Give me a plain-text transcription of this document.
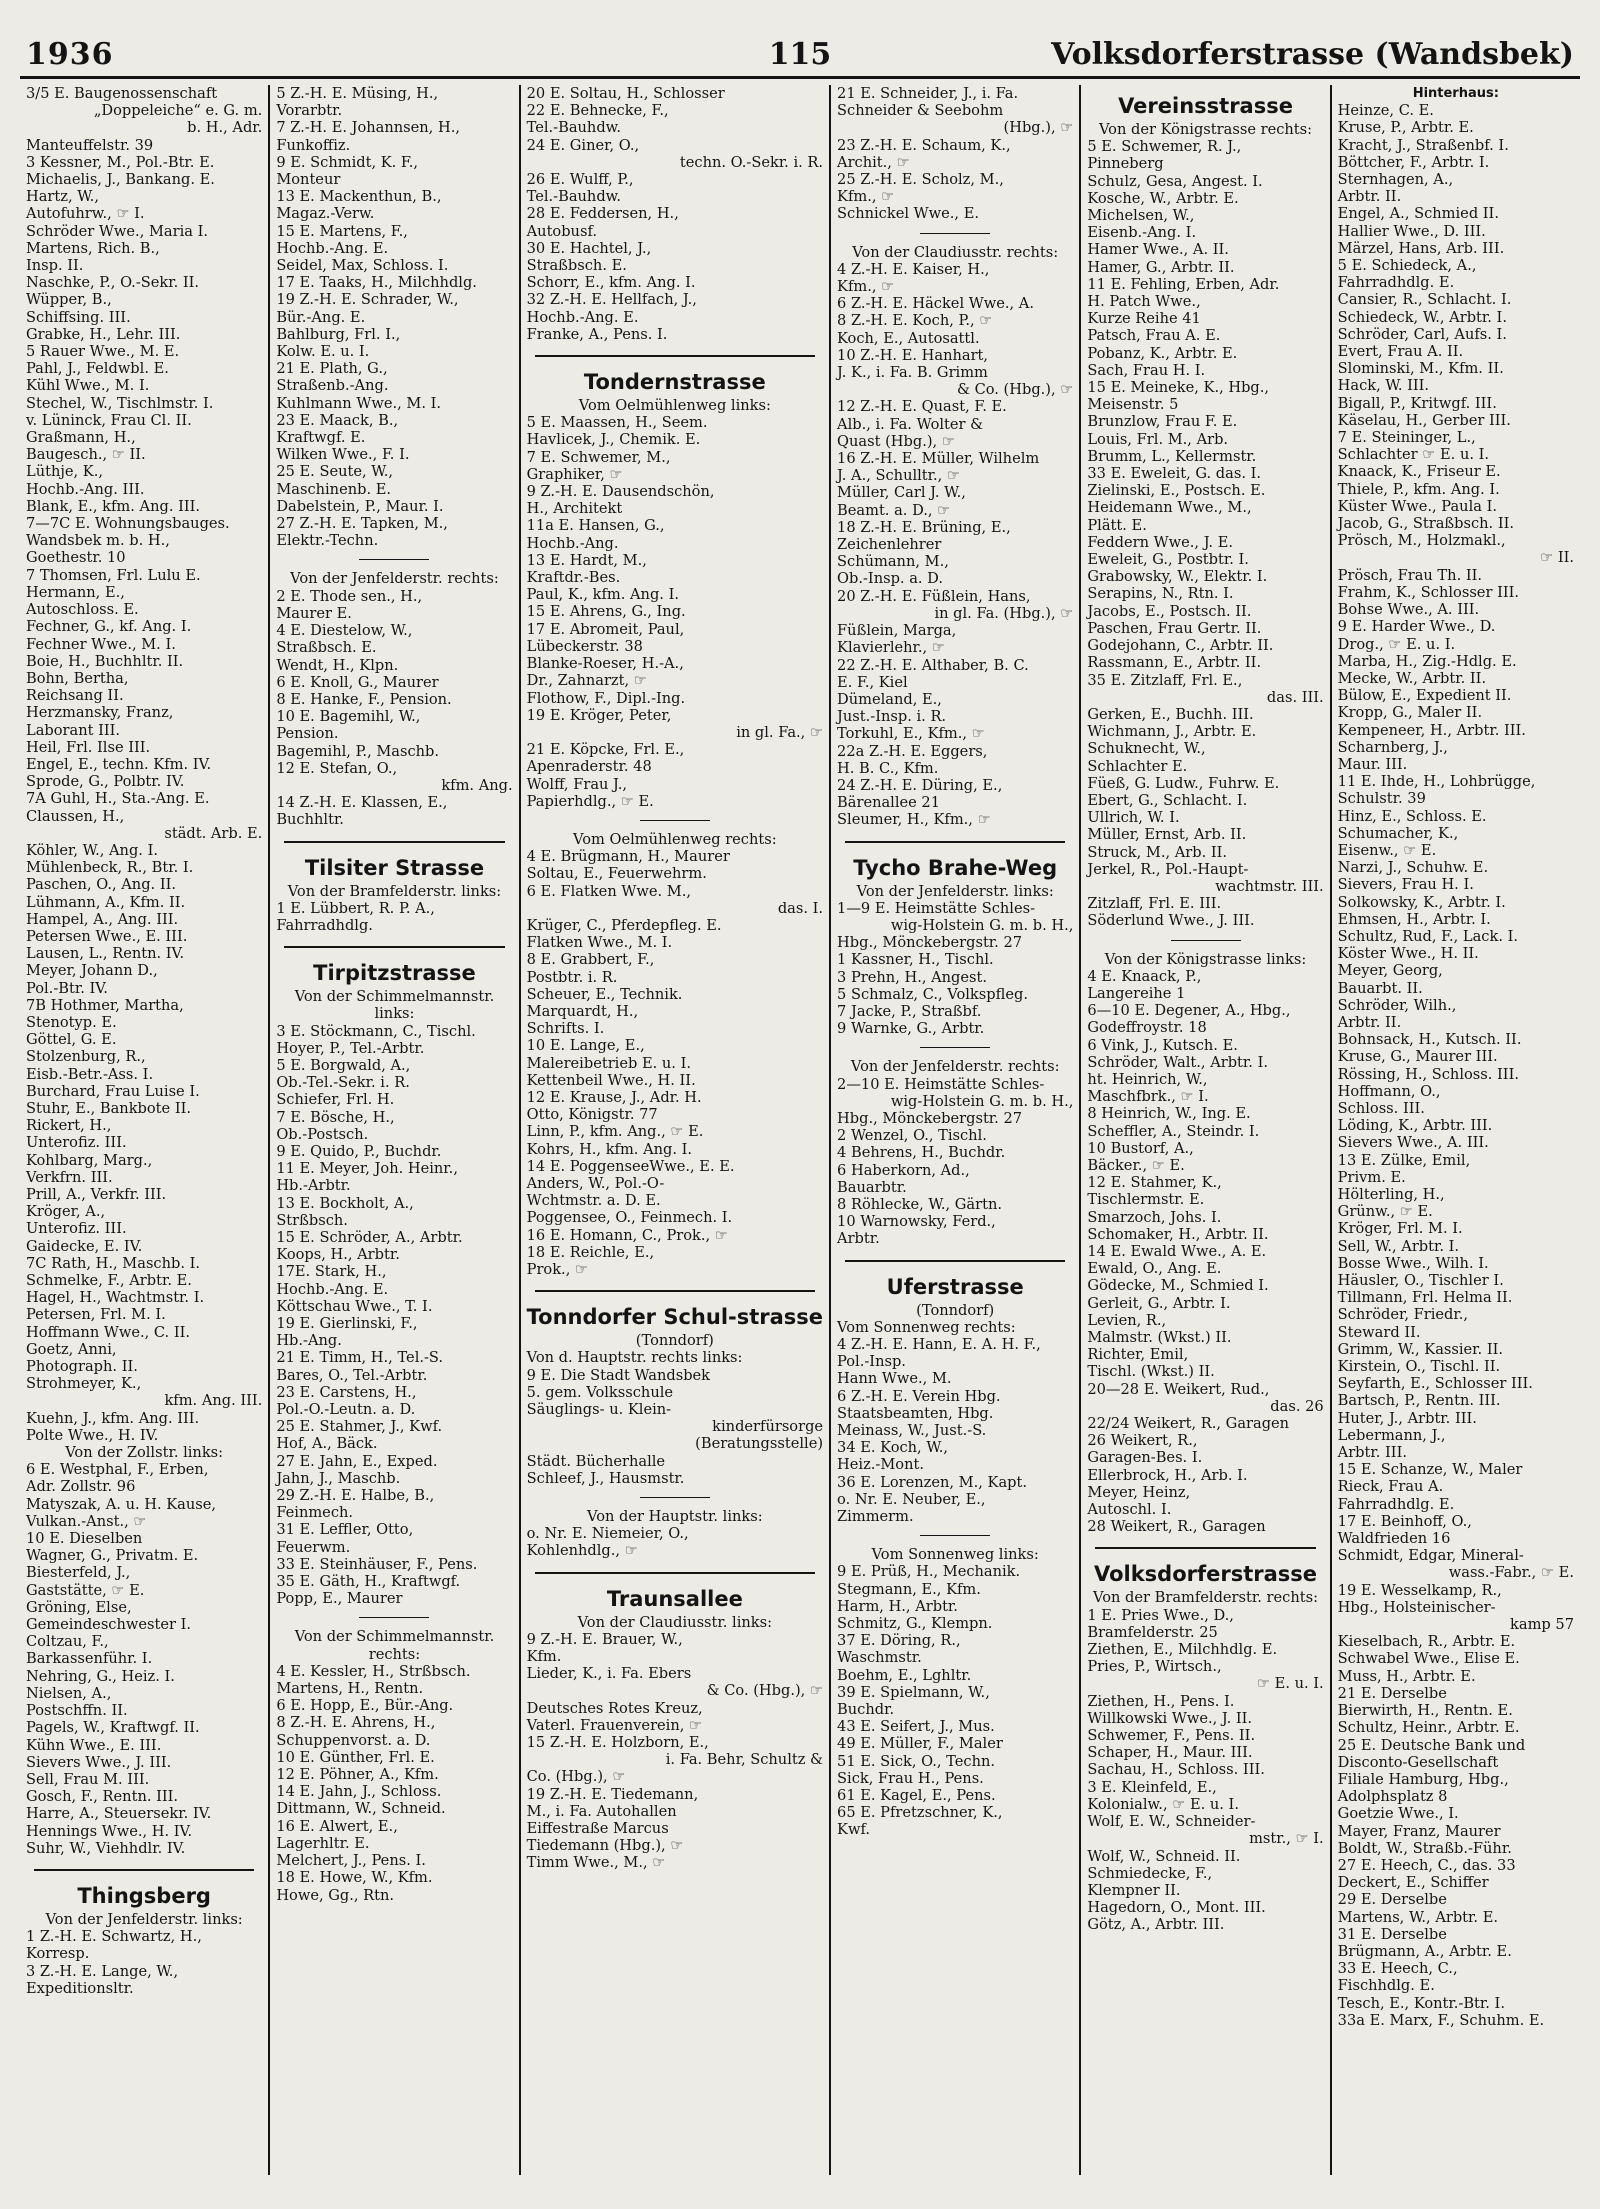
1936	115	Volksdorferstrasse (Wandsbek)
3/5 E. Baugenossenschaft
„Doppeleiche“ e. G. m.
b. H., Adr.
Manteuffelstr. 39
3 Kessner, M., Pol.-Btr. E.
Michaelis, J., Bankang. E.
Hartz, W.,
Autofuhrw., ☞ I.
Schröder Wwe., Maria I.
Martens, Rich. B.,
Insp. II.
Naschke, P., O.-Sekr. II.
Wüpper, B.,
Schiffsing. III.
Grabke, H., Lehr. III.
5 Rauer Wwe., M. E.
Pahl, J., Feldwbl. E.
Kühl Wwe., M. I.
Stechel, W., Tischlmstr. I.
v. Lüninck, Frau Cl. II.
Graßmann, H.,
Baugesch., ☞ II.
Lüthje, K.,
Hochb.-Ang. III.
Blank, E., kfm. Ang. III.
7—7C E. Wohnungsbauges.
Wandsbek m. b. H.,
Goethestr. 10
7 Thomsen, Frl. Lulu E.
Hermann, E.,
Autoschloss. E.
Fechner, G., kf. Ang. I.
Fechner Wwe., M. I.
Boie, H., Buchhltr. II.
Bohn, Bertha,
Reichsang II.
Herzmansky, Franz,
Laborant III.
Heil, Frl. Ilse III.
Engel, E., techn. Kfm. IV.
Sprode, G., Polbtr. IV.
7A Guhl, H., Sta.-Ang. E.
Claussen, H.,
städt. Arb. E.
Köhler, W., Ang. I.
Mühlenbeck, R., Btr. I.
Paschen, O., Ang. II.
Lühmann, A., Kfm. II.
Hampel, A., Ang. III.
Petersen Wwe., E. III.
Lausen, L., Rentn. IV.
Meyer, Johann D.,
Pol.-Btr. IV.
7B Hothmer, Martha,
Stenotyp. E.
Göttel, G. E.
Stolzenburg, R.,
Eisb.-Betr.-Ass. I.
Burchard, Frau Luise I.
Stuhr, E., Bankbote II.
Rickert, H.,
Unterofiz. III.
Kohlbarg, Marg.,
Verkfrn. III.
Prill, A., Verkfr. III.
Kröger, A.,
Unterofiz. III.
Gaidecke, E. IV.
7C Rath, H., Maschb. I.
Schmelke, F., Arbtr. E.
Hagel, H., Wachtmstr. I.
Petersen, Frl. M. I.
Hoffmann Wwe., C. II.
Goetz, Anni,
Photograph. II.
Strohmeyer, K.,
kfm. Ang. III.
Kuehn, J., kfm. Ang. III.
Polte Wwe., H. IV.
Von der Zollstr. links:
6 E. Westphal, F., Erben,
Adr. Zollstr. 96
Matyszak, A. u. H. Kause,
Vulkan.-Anst., ☞
10 E. Dieselben
Wagner, G., Privatm. E.
Biesterfeld, J.,
Gaststätte, ☞ E.
Gröning, Else,
Gemeindeschwester I.
Coltzau, F.,
Barkassenführ. I.
Nehring, G., Heiz. I.
Nielsen, A.,
Postschffn. II.
Pagels, W., Kraftwgf. II.
Kühn Wwe., E. III.
Sievers Wwe., J. III.
Sell, Frau M. III.
Gosch, F., Rentn. III.
Harre, A., Steuersekr. IV.
Hennings Wwe., H. IV.
Suhr, W., Viehhdlr. IV.
Thingsberg
Von der Jenfelderstr. links:
1 Z.-H. E. Schwartz, H.,
Korresp.
3 Z.-H. E. Lange, W.,
Expeditionsltr.
5 Z.-H. E. Müsing, H.,
Vorarbtr.
7 Z.-H. E. Johannsen, H.,
Funkoffiz.
9 E. Schmidt, K. F.,
Monteur
13 E. Mackenthun, B.,
Magaz.-Verw.
15 E. Martens, F.,
Hochb.-Ang. E.
Seidel, Max, Schloss. I.
17 E. Taaks, H., Milchhdlg.
19 Z.-H. E. Schrader, W.,
Bür.-Ang. E.
Bahlburg, Frl. I.,
Kolw. E. u. I.
21 E. Plath, G.,
Straßenb.-Ang.
Kuhlmann Wwe., M. I.
23 E. Maack, B.,
Kraftwgf. E.
Wilken Wwe., F. I.
25 E. Seute, W.,
Maschinenb. E.
Dabelstein, P., Maur. I.
27 Z.-H. E. Tapken, M.,
Elektr.-Techn.
Von der Jenfelderstr. rechts:
2 E. Thode sen., H.,
Maurer E.
4 E. Diestelow, W.,
Straßbsch. E.
Wendt, H., Klpn.
6 E. Knoll, G., Maurer
8 E. Hanke, F., Pension.
10 E. Bagemihl, W.,
Pension.
Bagemihl, P., Maschb.
12 E. Stefan, O.,
kfm. Ang.
14 Z.-H. E. Klassen, E.,
Buchhltr.
Tilsiter Strasse
Von der Bramfelderstr. links:
1 E. Lübbert, R. P. A.,
Fahrradhdlg.
Tirpitzstrasse
Von der Schimmelmannstr. links:
3 E. Stöckmann, C., Tischl.
Hoyer, P., Tel.-Arbtr.
5 E. Borgwald, A.,
Ob.-Tel.-Sekr. i. R.
Schiefer, Frl. H.
7 E. Bösche, H.,
Ob.-Postsch.
9 E. Quido, P., Buchdr.
11 E. Meyer, Joh. Heinr.,
Hb.-Arbtr.
13 E. Bockholt, A.,
Strßbsch.
15 E. Schröder, A., Arbtr.
Koops, H., Arbtr.
17E. Stark, H.,
Hochb.-Ang. E.
Köttschau Wwe., T. I.
19 E. Gierlinski, F.,
Hb.-Ang.
21 E. Timm, H., Tel.-S.
Bares, O., Tel.-Arbtr.
23 E. Carstens, H.,
Pol.-O.-Leutn. a. D.
25 E. Stahmer, J., Kwf.
Hof, A., Bäck.
27 E. Jahn, E., Exped.
Jahn, J., Maschb.
29 Z.-H. E. Halbe, B.,
Feinmech.
31 E. Leffler, Otto,
Feuerwm.
33 E. Steinhäuser, F., Pens.
35 E. Gäth, H., Kraftwgf.
Popp, E., Maurer
Von der Schimmelmannstr. rechts:
4 E. Kessler, H., Strßbsch.
Martens, H., Rentn.
6 E. Hopp, E., Bür.-Ang.
8 Z.-H. E. Ahrens, H.,
Schuppenvorst. a. D.
10 E. Günther, Frl. E.
12 E. Pöhner, A., Kfm.
14 E. Jahn, J., Schloss.
Dittmann, W., Schneid.
16 E. Alwert, E.,
Lagerhltr. E.
Melchert, J., Pens. I.
18 E. Howe, W., Kfm.
Howe, Gg., Rtn.
20 E. Soltau, H., Schlosser
22 E. Behnecke, F.,
Tel.-Bauhdw.
24 E. Giner, O.,
techn. O.-Sekr. i. R.
26 E. Wulff, P.,
Tel.-Bauhdw.
28 E. Feddersen, H.,
Autobusf.
30 E. Hachtel, J.,
Straßbsch. E.
Schorr, E., kfm. Ang. I.
32 Z.-H. E. Hellfach, J.,
Hochb.-Ang. E.
Franke, A., Pens. I.
Tondernstrasse
Vom Oelmühlenweg links:
5 E. Maassen, H., Seem.
Havlicek, J., Chemik. E.
7 E. Schwemer, M.,
Graphiker, ☞
9 Z.-H. E. Dausendschön,
H., Architekt
11a E. Hansen, G.,
Hochb.-Ang.
13 E. Hardt, M.,
Kraftdr.-Bes.
Paul, K., kfm. Ang. I.
15 E. Ahrens, G., Ing.
17 E. Abromeit, Paul,
Lübeckerstr. 38
Blanke-Roeser, H.-A.,
Dr., Zahnarzt, ☞
Flothow, F., Dipl.-Ing.
19 E. Kröger, Peter,
in gl. Fa., ☞
21 E. Köpcke, Frl. E.,
Apenraderstr. 48
Wolff, Frau J.,
Papierhdlg., ☞ E.
Vom Oelmühlenweg rechts:
4 E. Brügmann, H., Maurer
Soltau, E., Feuerwehrm.
6 E. Flatken Wwe. M.,
das. I.
Krüger, C., Pferdepfleg. E.
Flatken Wwe., M. I.
8 E. Grabbert, F.,
Postbtr. i. R.
Scheuer, E., Technik.
Marquardt, H.,
Schrifts. I.
10 E. Lange, E.,
Malereibetrieb E. u. I.
Kettenbeil Wwe., H. II.
12 E. Krause, J., Adr. H.
Otto, Königstr. 77
Linn, P., kfm. Ang., ☞ E.
Kohrs, H., kfm. Ang. I.
14 E. PoggenseeWwe., E. E.
Anders, W., Pol.-O-
Wchtmstr. a. D. E.
Poggensee, O., Feinmech. I.
16 E. Homann, C., Prok., ☞
18 E. Reichle, E.,
Prok., ☞
Tonndorfer Schul-strasse
(Tonndorf)
Von d. Hauptstr. rechts links:
9 E. Die Stadt Wandsbek
5. gem. Volksschule
Säuglings- u. Klein-
kinderfürsorge
(Beratungsstelle)
Städt. Bücherhalle
Schleef, J., Hausmstr.
Von der Hauptstr. links:
o. Nr. E. Niemeier, O.,
Kohlenhdlg., ☞
Traunsallee
Von der Claudiusstr. links:
9 Z.-H. E. Brauer, W.,
Kfm.
Lieder, K., i. Fa. Ebers
& Co. (Hbg.), ☞
Deutsches Rotes Kreuz,
Vaterl. Frauenverein, ☞
15 Z.-H. E. Holzborn, E.,
i. Fa. Behr, Schultz &
Co. (Hbg.), ☞
19 Z.-H. E. Tiedemann,
M., i. Fa. Autohallen
Eiffestraße Marcus
Tiedemann (Hbg.), ☞
Timm Wwe., M., ☞
21 E. Schneider, J., i. Fa.
Schneider & Seebohm
(Hbg.), ☞
23 Z.-H. E. Schaum, K.,
Archit., ☞
25 Z.-H. E. Scholz, M.,
Kfm., ☞
Schnickel Wwe., E.
Von der Claudiusstr. rechts:
4 Z.-H. E. Kaiser, H.,
Kfm., ☞
6 Z.-H. E. Häckel Wwe., A.
8 Z.-H. E. Koch, P., ☞
Koch, E., Autosattl.
10 Z.-H. E. Hanhart,
J. K., i. Fa. B. Grimm
& Co. (Hbg.), ☞
12 Z.-H. E. Quast, F. E.
Alb., i. Fa. Wolter &
Quast (Hbg.), ☞
16 Z.-H. E. Müller, Wilhelm
J. A., Schulltr., ☞
Müller, Carl J. W.,
Beamt. a. D., ☞
18 Z.-H. E. Brüning, E.,
Zeichenlehrer
Schümann, M.,
Ob.-Insp. a. D.
20 Z.-H. E. Füßlein, Hans,
in gl. Fa. (Hbg.), ☞
Füßlein, Marga,
Klavierlehr., ☞
22 Z.-H. E. Althaber, B. C.
E. F., Kiel
Dümeland, E.,
Just.-Insp. i. R.
Torkuhl, E., Kfm., ☞
22a Z.-H. E. Eggers,
H. B. C., Kfm.
24 Z.-H. E. Düring, E.,
Bärenallee 21
Sleumer, H., Kfm., ☞
Tycho Brahe-Weg
Von der Jenfelderstr. links:
1—9 E. Heimstätte Schles-
wig-Holstein G. m. b. H.,
Hbg., Mönckebergstr. 27
1 Kassner, H., Tischl.
3 Prehn, H., Angest.
5 Schmalz, C., Volkspfleg.
7 Jacke, P., Straßbf.
9 Warnke, G., Arbtr.
Von der Jenfelderstr. rechts:
2—10 E. Heimstätte Schles-
wig-Holstein G. m. b. H.,
Hbg., Mönckebergstr. 27
2 Wenzel, O., Tischl.
4 Behrens, H., Buchdr.
6 Haberkorn, Ad.,
Bauarbtr.
8 Röhlecke, W., Gärtn.
10 Warnowsky, Ferd.,
Arbtr.
Uferstrasse
(Tonndorf)
Vom Sonnenweg rechts:
4 Z.-H. E. Hann, E. A. H. F.,
Pol.-Insp.
Hann Wwe., M.
6 Z.-H. E. Verein Hbg.
Staatsbeamten, Hbg.
Meinass, W., Just.-S.
34 E. Koch, W.,
Heiz.-Mont.
36 E. Lorenzen, M., Kapt.
o. Nr. E. Neuber, E.,
Zimmerm.
Vom Sonnenweg links:
9 E. Prüß, H., Mechanik.
Stegmann, E., Kfm.
Harm, H., Arbtr.
Schmitz, G., Klempn.
37 E. Döring, R.,
Waschmstr.
Boehm, E., Lghltr.
39 E. Spielmann, W.,
Buchdr.
43 E. Seifert, J., Mus.
49 E. Müller, F., Maler
51 E. Sick, O., Techn.
Sick, Frau H., Pens.
61 E. Kagel, E., Pens.
65 E. Pfretzschner, K.,
Kwf.
Vereinsstrasse
Von der Königstrasse rechts:
5 E. Schwemer, R. J.,
Pinneberg
Schulz, Gesa, Angest. I.
Kosche, W., Arbtr. E.
Michelsen, W.,
Eisenb.-Ang. I.
Hamer Wwe., A. II.
Hamer, G., Arbtr. II.
11 E. Fehling, Erben, Adr.
H. Patch Wwe.,
Kurze Reihe 41
Patsch, Frau A. E.
Pobanz, K., Arbtr. E.
Sach, Frau H. I.
15 E. Meineke, K., Hbg.,
Meisenstr. 5
Brunzlow, Frau F. E.
Louis, Frl. M., Arb.
Brumm, L., Kellermstr.
33 E. Eweleit, G. das. I.
Zielinski, E., Postsch. E.
Heidemann Wwe., M.,
Plätt. E.
Feddern Wwe., J. E.
Eweleit, G., Postbtr. I.
Grabowsky, W., Elektr. I.
Serapins, N., Rtn. I.
Jacobs, E., Postsch. II.
Paschen, Frau Gertr. II.
Godejohann, C., Arbtr. II.
Rassmann, E., Arbtr. II.
35 E. Zitzlaff, Frl. E.,
das. III.
Gerken, E., Buchh. III.
Wichmann, J., Arbtr. E.
Schuknecht, W.,
Schlachter E.
Füeß, G. Ludw., Fuhrw. E.
Ebert, G., Schlacht. I.
Ullrich, W. I.
Müller, Ernst, Arb. II.
Struck, M., Arb. II.
Jerkel, R., Pol.-Haupt-
wachtmstr. III.
Zitzlaff, Frl. E. III.
Söderlund Wwe., J. III.
Von der Königstrasse links:
4 E. Knaack, P.,
Langereihe 1
6—10 E. Degener, A., Hbg.,
Godeffroystr. 18
6 Vink, J., Kutsch. E.
Schröder, Walt., Arbtr. I.
ht. Heinrich, W.,
Maschfbrk., ☞ I.
8 Heinrich, W., Ing. E.
Scheffler, A., Steindr. I.
10 Bustorf, A.,
Bäcker., ☞ E.
12 E. Stahmer, K.,
Tischlermstr. E.
Smarzoch, Johs. I.
Schomaker, H., Arbtr. II.
14 E. Ewald Wwe., A. E.
Ewald, O., Ang. E.
Gödecke, M., Schmied I.
Gerleit, G., Arbtr. I.
Levien, R.,
Malmstr. (Wkst.) II.
Richter, Emil,
Tischl. (Wkst.) II.
20—28 E. Weikert, Rud.,
das. 26
22/24 Weikert, R., Garagen
26 Weikert, R.,
Garagen-Bes. I.
Ellerbrock, H., Arb. I.
Meyer, Heinz,
Autoschl. I.
28 Weikert, R., Garagen
Volksdorferstrasse
Von der Bramfelderstr. rechts:
1 E. Pries Wwe., D.,
Bramfelderstr. 25
Ziethen, E., Milchhdlg. E.
Pries, P., Wirtsch.,
☞ E. u. I.
Ziethen, H., Pens. I.
Willkowski Wwe., J. II.
Schwemer, F., Pens. II.
Schaper, H., Maur. III.
Sachau, H., Schloss. III.
3 E. Kleinfeld, E.,
Kolonialw., ☞ E. u. I.
Wolf, E. W., Schneider-
mstr., ☞ I.
Wolf, W., Schneid. II.
Schmiedecke, F.,
Klempner II.
Hagedorn, O., Mont. III.
Götz, A., Arbtr. III.
Hinterhaus:
Heinze, C. E.
Kruse, P., Arbtr. E.
Kracht, J., Straßenbf. I.
Böttcher, F., Arbtr. I.
Sternhagen, A.,
Arbtr. II.
Engel, A., Schmied II.
Hallier Wwe., D. III.
Märzel, Hans, Arb. III.
5 E. Schiedeck, A.,
Fahrradhdlg. E.
Cansier, R., Schlacht. I.
Schiedeck, W., Arbtr. I.
Schröder, Carl, Aufs. I.
Evert, Frau A. II.
Slominski, M., Kfm. II.
Hack, W. III.
Bigall, P., Kritwgf. III.
Käselau, H., Gerber III.
7 E. Steininger, L.,
Schlachter ☞ E. u. I.
Knaack, K., Friseur E.
Thiele, P., kfm. Ang. I.
Küster Wwe., Paula I.
Jacob, G., Straßbsch. II.
Prösch, M., Holzmakl.,
☞ II.
Prösch, Frau Th. II.
Frahm, K., Schlosser III.
Bohse Wwe., A. III.
9 E. Harder Wwe., D.
Drog., ☞ E. u. I.
Marba, H., Zig.-Hdlg. E.
Mecke, W., Arbtr. II.
Bülow, E., Expedient II.
Kropp, G., Maler II.
Kempeneer, H., Arbtr. III.
Scharnberg, J.,
Maur. III.
11 E. Ihde, H., Lohbrügge,
Schulstr. 39
Hinz, E., Schloss. E.
Schumacher, K.,
Eisenw., ☞ E.
Narzi, J., Schuhw. E.
Sievers, Frau H. I.
Solkowsky, K., Arbtr. I.
Ehmsen, H., Arbtr. I.
Schultz, Rud, F., Lack. I.
Köster Wwe., H. II.
Meyer, Georg,
Bauarbt. II.
Schröder, Wilh.,
Arbtr. II.
Bohnsack, H., Kutsch. II.
Kruse, G., Maurer III.
Rössing, H., Schloss. III.
Hoffmann, O.,
Schloss. III.
Löding, K., Arbtr. III.
Sievers Wwe., A. III.
13 E. Zülke, Emil,
Privm. E.
Hölterling, H.,
Grünw., ☞ E.
Kröger, Frl. M. I.
Sell, W., Arbtr. I.
Bosse Wwe., Wilh. I.
Häusler, O., Tischler I.
Tillmann, Frl. Helma II.
Schröder, Friedr.,
Steward II.
Grimm, W., Kassier. II.
Kirstein, O., Tischl. II.
Seyfarth, E., Schlosser III.
Bartsch, P., Rentn. III.
Huter, J., Arbtr. III.
Lebermann, J.,
Arbtr. III.
15 E. Schanze, W., Maler
Rieck, Frau A.
Fahrradhdlg. E.
17 E. Beinhoff, O.,
Waldfrieden 16
Schmidt, Edgar, Mineral-
wass.-Fabr., ☞ E.
19 E. Wesselkamp, R.,
Hbg., Holsteinischer-
kamp 57
Kieselbach, R., Arbtr. E.
Schwabel Wwe., Elise E.
Muss, H., Arbtr. E.
21 E. Derselbe
Bierwirth, H., Rentn. E.
Schultz, Heinr., Arbtr. E.
25 E. Deutsche Bank und
Disconto-Gesellschaft
Filiale Hamburg, Hbg.,
Adolphsplatz 8
Goetzie Wwe., I.
Mayer, Franz, Maurer
Boldt, W., Straßb.-Führ.
27 E. Heech, C., das. 33
Deckert, E., Schiffer
29 E. Derselbe
Martens, W., Arbtr. E.
31 E. Derselbe
Brügmann, A., Arbtr. E.
33 E. Heech, C.,
Fischhdlg. E.
Tesch, E., Kontr.-Btr. I.
33a E. Marx, F., Schuhm. E.
